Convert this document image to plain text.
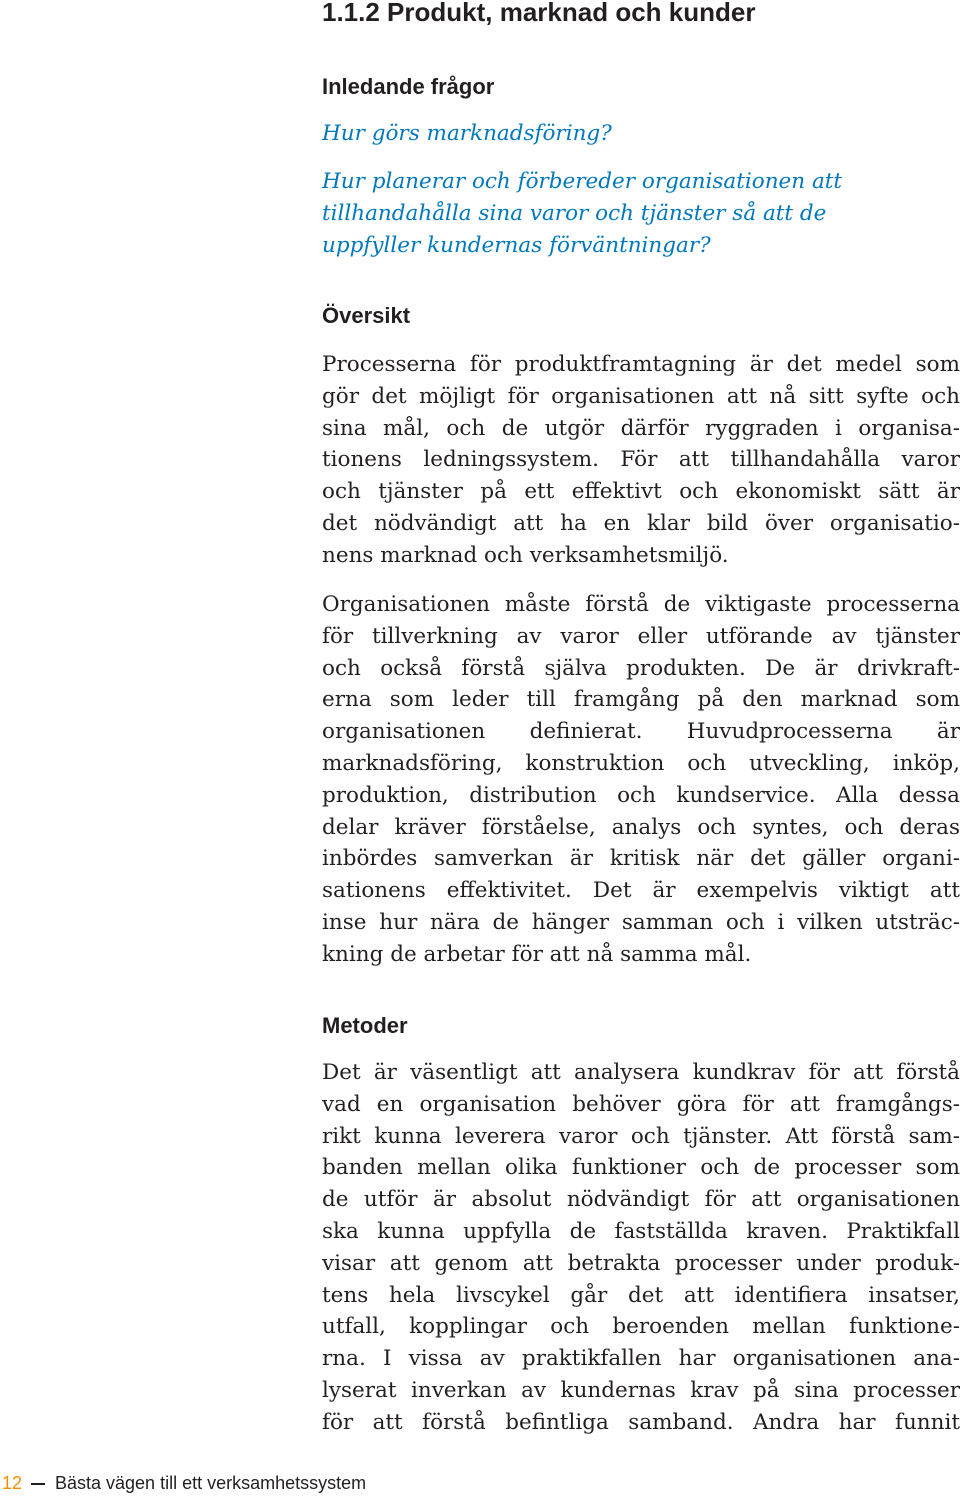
1.1.2 Produkt, marknad och kunder
Inledande frågor

Hur görs marknadsföring?

Hur planerar och förbereder organisationen att
tillhandahålla sina varor och tjänster så att de
uppfyller kundernas förväntningar?

Översikt

Processerna för produktframtagning är det medel som
gör det möjligt för organisationen att nå sitt syfte och
sina mål, och de utgör därför ryggraden i organisa-
tionens ledningssystem. För att tillhandahålla varor
och tjänster på ett effektivt och ekonomiskt sätt är
det nödvändigt att ha en klar bild över organisatio-
nens marknad och verksamhetsmiljö.

Organisationen måste förstå de viktigaste processerna
för tillverkning av varor eller utförande av tjänster
och också förstå själva produkten. De är drivkraft-
erna som leder till framgång på den marknad som
organisationen definierat. Huvudprocesserna är
marknadsföring, konstruktion och utveckling, inköp,
produktion, distribution och kundservice. Alla dessa
delar kräver förståelse, analys och syntes, och deras
inbördes samverkan är kritisk när det gäller organi-
sationens effektivitet. Det är exempelvis viktigt att
inse hur nära de hänger samman och i vilken utsträc-
kning de arbetar för att nå samma mål.

Metoder

Det är väsentligt att analysera kundkrav för att förstå
vad en organisation behöver göra för att framgångs-
rikt kunna leverera varor och tjänster. Att förstå sam-
banden mellan olika funktioner och de processer som
de utför är absolut nödvändigt för att organisationen
ska kunna uppfylla de fastställda kraven. Praktikfall
visar att genom att betrakta processer under produk-
tens hela livscykel går det att identifiera insatser,
utfall, kopplingar och beroenden mellan funktione-
rna. I vissa av praktikfallen har organisationen ana-
lyserat inverkan av kundernas krav på sina processer
för att förstå befintliga samband. Andra har funnit

12 Bästa vägen till ett verksamhetssystem
